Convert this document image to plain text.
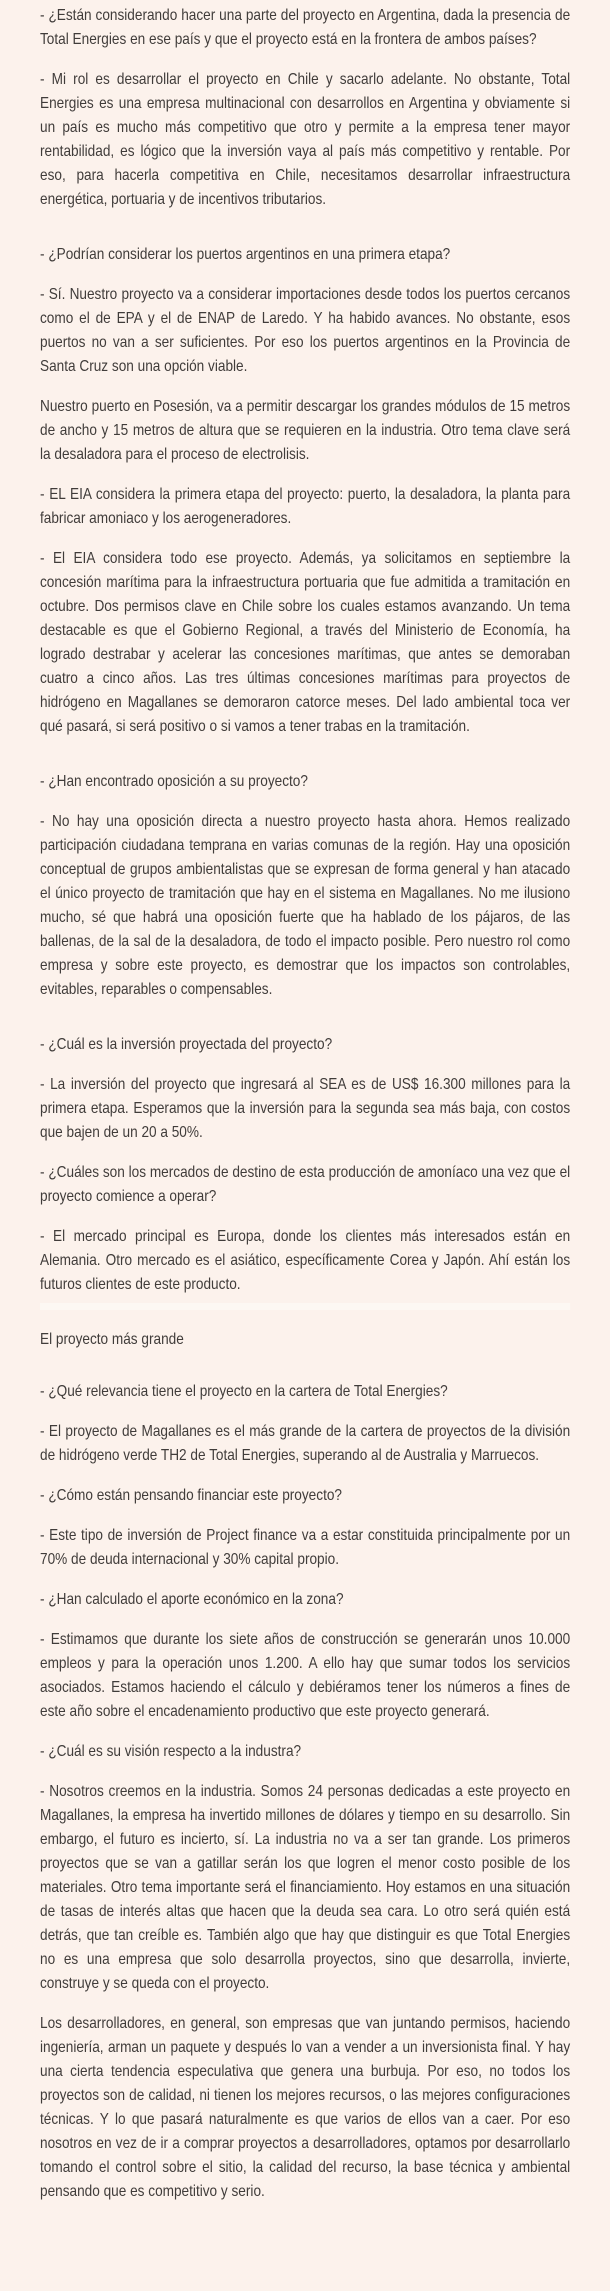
- ¿Están considerando hacer una parte del proyecto en Argentina, dada la presencia de Total Energies en ese país y que el proyecto está en la frontera de ambos países?

- Mi rol es desarrollar el proyecto en Chile y sacarlo adelante. No obstante, Total Energies es una empresa multinacional con desarrollos en Argentina y obviamente si un país es mucho más competitivo que otro y permite a la empresa tener mayor rentabilidad, es lógico que la inversión vaya al país más competitivo y rentable. Por eso, para hacerla competitiva en Chile, necesitamos desarrollar infraestructura energética, portuaria y de incentivos tributarios.

- ¿Podrían considerar los puertos argentinos en una primera etapa?

- Sí. Nuestro proyecto va a considerar importaciones desde todos los puertos cercanos como el de EPA y el de ENAP de Laredo. Y ha habido avances. No obstante, esos puertos no van a ser suficientes. Por eso los puertos argentinos en la Provincia de Santa Cruz son una opción viable.

Nuestro puerto en Posesión, va a permitir descargar los grandes módulos de 15 metros de ancho y 15 metros de altura que se requieren en la industria. Otro tema clave será la desaladora para el proceso de electrolisis.

- EL EIA considera la primera etapa del proyecto: puerto, la desaladora, la planta para fabricar amoniaco y los aerogeneradores.

- El EIA considera todo ese proyecto. Además, ya solicitamos en septiembre la concesión marítima para la infraestructura portuaria que fue admitida a tramitación en octubre. Dos permisos clave en Chile sobre los cuales estamos avanzando. Un tema destacable es que el Gobierno Regional, a través del Ministerio de Economía, ha logrado destrabar y acelerar las concesiones marítimas, que antes se demoraban cuatro a cinco años. Las tres últimas concesiones marítimas para proyectos de hidrógeno en Magallanes se demoraron catorce meses. Del lado ambiental toca ver qué pasará, si será positivo o si vamos a tener trabas en la tramitación.

- ¿Han encontrado oposición a su proyecto?

- No hay una oposición directa a nuestro proyecto hasta ahora. Hemos realizado participación ciudadana temprana en varias comunas de la región. Hay una oposición conceptual de grupos ambientalistas que se expresan de forma general y han atacado el único proyecto de tramitación que hay en el sistema en Magallanes. No me ilusiono mucho, sé que habrá una oposición fuerte que ha hablado de los pájaros, de las ballenas, de la sal de la desaladora, de todo el impacto posible. Pero nuestro rol como empresa y sobre este proyecto, es demostrar que los impactos son controlables, evitables, reparables o compensables.

- ¿Cuál es la inversión proyectada del proyecto?

- La inversión del proyecto que ingresará al SEA es de US$ 16.300 millones para la primera etapa. Esperamos que la inversión para la segunda sea más baja, con costos que bajen de un 20 a 50%.

- ¿Cuáles son los mercados de destino de esta producción de amoníaco una vez que el proyecto comience a operar?

- El mercado principal es Europa, donde los clientes más interesados están en Alemania. Otro mercado es el asiático, específicamente Corea y Japón. Ahí están los futuros clientes de este producto.

El proyecto más grande

- ¿Qué relevancia tiene el proyecto en la cartera de Total Energies?

- El proyecto de Magallanes es el más grande de la cartera de proyectos de la división de hidrógeno verde TH2 de Total Energies, superando al de Australia y Marruecos.

- ¿Cómo están pensando financiar este proyecto?

- Este tipo de inversión de Project finance va a estar constituida principalmente por un 70% de deuda internacional y 30% capital propio.

- ¿Han calculado el aporte económico en la zona?

- Estimamos que durante los siete años de construcción se generarán unos 10.000 empleos y para la operación unos 1.200. A ello hay que sumar todos los servicios asociados. Estamos haciendo el cálculo y debiéramos tener los números a fines de este año sobre el encadenamiento productivo que este proyecto generará.

- ¿Cuál es su visión respecto a la industra?

- Nosotros creemos en la industria. Somos 24 personas dedicadas a este proyecto en Magallanes, la empresa ha invertido millones de dólares y tiempo en su desarrollo. Sin embargo, el futuro es incierto, sí. La industria no va a ser tan grande. Los primeros proyectos que se van a gatillar serán los que logren el menor costo posible de los materiales. Otro tema importante será el financiamiento. Hoy estamos en una situación de tasas de interés altas que hacen que la deuda sea cara. Lo otro será quién está detrás, que tan creíble es. También algo que hay que distinguir es que Total Energies no es una empresa que solo desarrolla proyectos, sino que desarrolla, invierte, construye y se queda con el proyecto.

Los desarrolladores, en general, son empresas que van juntando permisos, haciendo ingeniería, arman un paquete y después lo van a vender a un inversionista final. Y hay una cierta tendencia especulativa que genera una burbuja. Por eso, no todos los proyectos son de calidad, ni tienen los mejores recursos, o las mejores configuraciones técnicas. Y lo que pasará naturalmente es que varios de ellos van a caer. Por eso nosotros en vez de ir a comprar proyectos a desarrolladores, optamos por desarrollarlo tomando el control sobre el sitio, la calidad del recurso, la base técnica y ambiental pensando que es competitivo y serio.
